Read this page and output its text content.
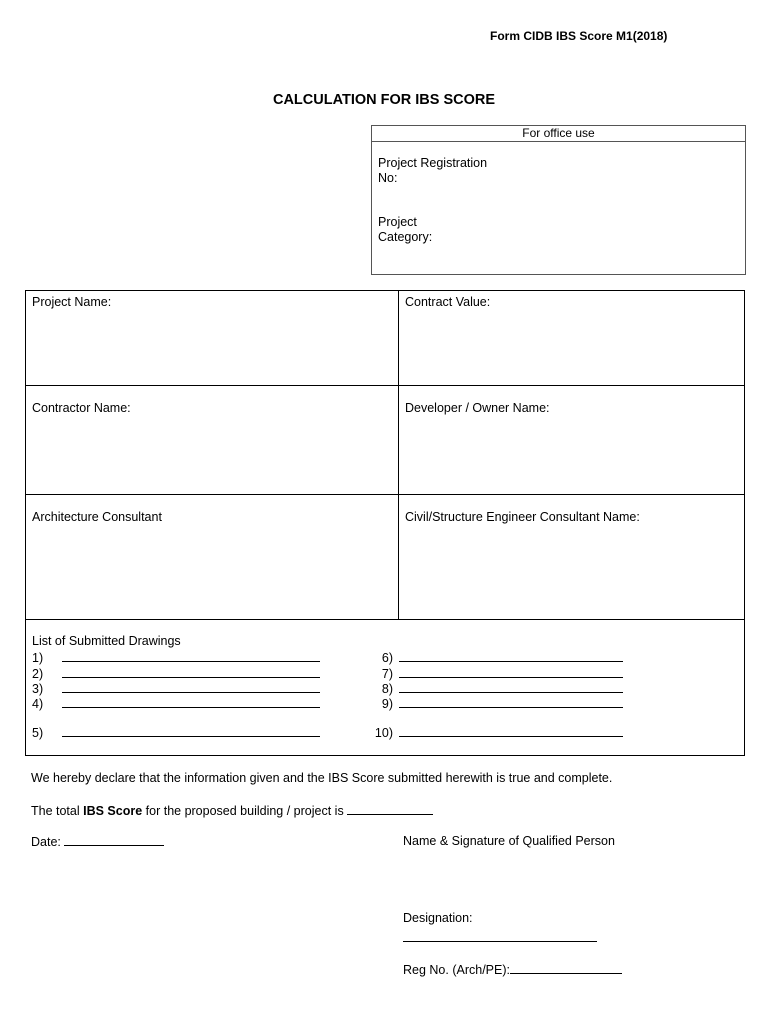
Form CIDB IBS Score M1(2018)
CALCULATION FOR IBS SCORE
For office use
Project Registration
No:
Project
Category:
Project Name:	Contract Value:
Contractor Name:	Developer / Owner Name:
Architecture Consultant	Civil/Structure Engineer Consultant Name:
List of Submitted Drawings
1)
2)
3)
4)
5)
6)
7)
8)
9)
10)
We hereby declare that the information given and the IBS Score submitted herewith is true and complete.
The total IBS Score for the proposed building / project is
Date:	Name & Signature of Qualified Person
Designation:
Reg No. (Arch/PE):
